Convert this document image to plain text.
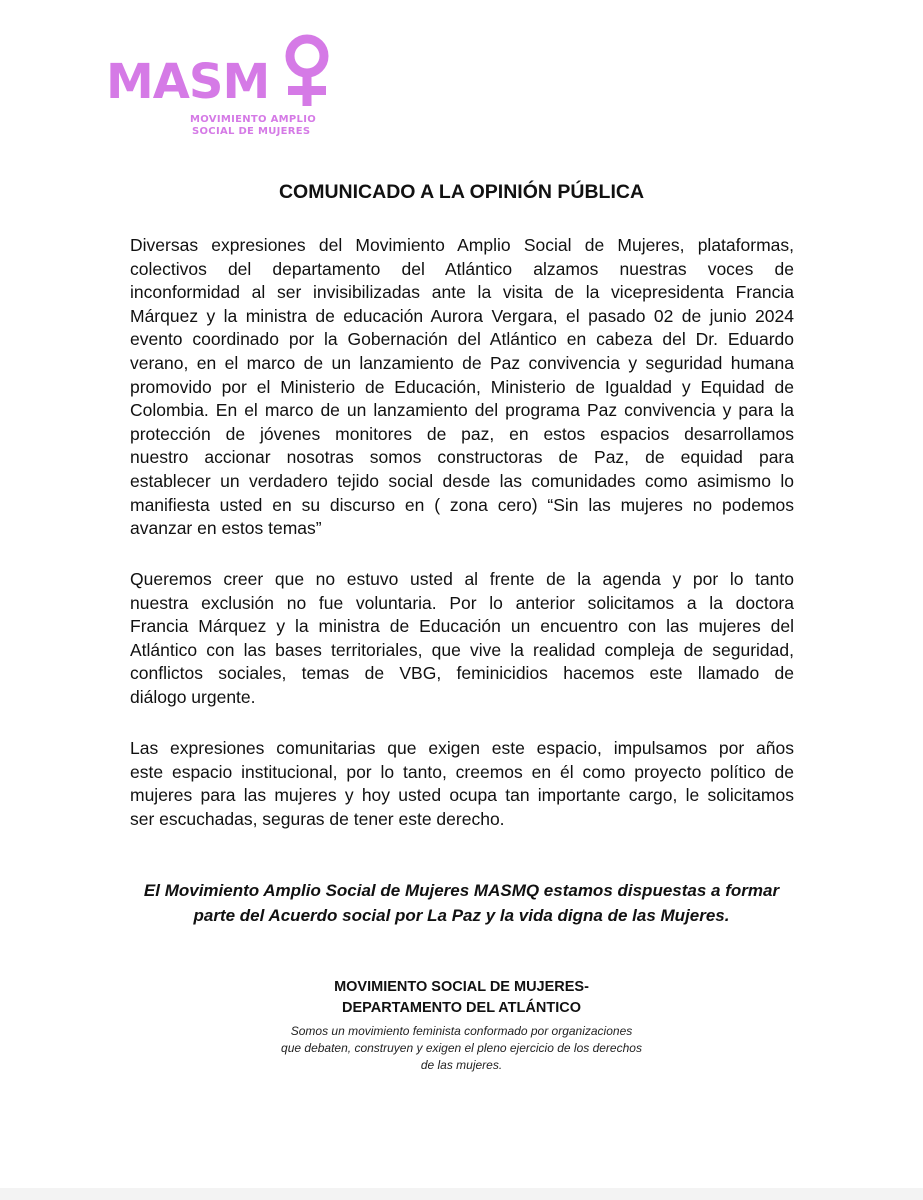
MASM
MOVIMIENTO AMPLIO
SOCIAL DE MUJERES
COMUNICADO A LA OPINIÓN PÚBLICA
Diversas expresiones del Movimiento Amplio Social de Mujeres, plataformas,
colectivos del departamento del Atlántico alzamos nuestras voces de
inconformidad al ser invisibilizadas ante la visita de la vicepresidenta Francia
Márquez y la ministra de educación Aurora Vergara, el pasado 02 de junio 2024
evento coordinado por la Gobernación del Atlántico en cabeza del Dr. Eduardo
verano, en el marco de un lanzamiento de Paz convivencia y seguridad humana
promovido por el Ministerio de Educación, Ministerio de Igualdad y Equidad de
Colombia. En el marco de un lanzamiento del programa Paz convivencia y para la
protección de jóvenes monitores de paz, en estos espacios desarrollamos
nuestro accionar nosotras somos constructoras de Paz, de equidad para
establecer un verdadero tejido social desde las comunidades como asimismo lo
manifiesta usted en su discurso en ( zona cero) “Sin las mujeres no podemos
avanzar en estos temas”
Queremos creer que no estuvo usted al frente de la agenda y por lo tanto
nuestra exclusión no fue voluntaria. Por lo anterior solicitamos a la doctora
Francia Márquez y la ministra de Educación un encuentro con las mujeres del
Atlántico con las bases territoriales, que vive la realidad compleja de seguridad,
conflictos sociales, temas de VBG, feminicidios hacemos este llamado de
diálogo urgente.
Las expresiones comunitarias que exigen este espacio, impulsamos por años
este espacio institucional, por lo tanto, creemos en él como proyecto político de
mujeres para las mujeres y hoy usted ocupa tan importante cargo, le solicitamos
ser escuchadas, seguras de tener este derecho.
El Movimiento Amplio Social de Mujeres MASMQ estamos dispuestas a formar
parte del Acuerdo social por La Paz y la vida digna de las Mujeres.
MOVIMIENTO SOCIAL DE MUJERES-
DEPARTAMENTO DEL ATLÁNTICO
Somos un movimiento feminista conformado por organizaciones
que debaten, construyen y exigen el pleno ejercicio de los derechos
de las mujeres.
